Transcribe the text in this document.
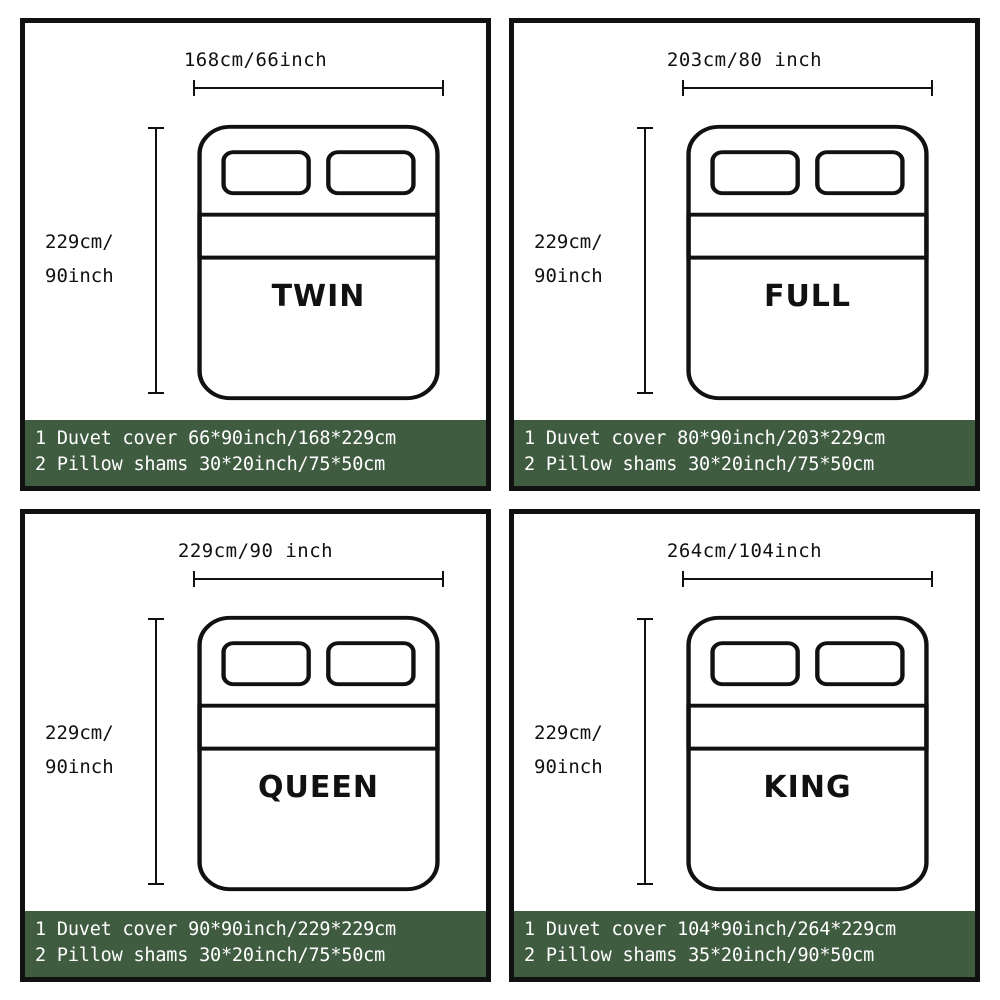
168cm/66inch
229cm/
90inch
TWIN
1 Duvet cover 66*90inch/168*229cm
2 Pillow shams 30*20inch/75*50cm
203cm/80 inch
229cm/
90inch
FULL
1 Duvet cover 80*90inch/203*229cm
2 Pillow shams 30*20inch/75*50cm
229cm/90 inch
229cm/
90inch
QUEEN
1 Duvet cover 90*90inch/229*229cm
2 Pillow shams 30*20inch/75*50cm
264cm/104inch
229cm/
90inch
KING
1 Duvet cover 104*90inch/264*229cm
2 Pillow shams 35*20inch/90*50cm
